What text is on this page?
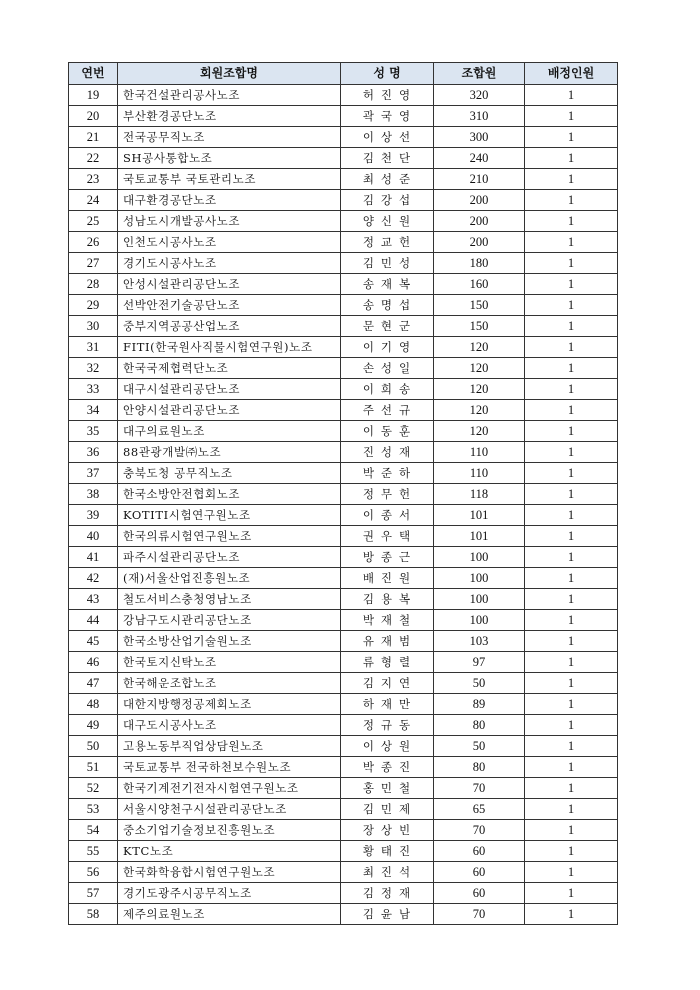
연번	회원조합명	성 명	조합원	배정인원
19	한국건설관리공사노조	허진영	320	1
20	부산환경공단노조	곽국영	310	1
21	전국공무직노조	이상선	300	1
22	SH공사통합노조	김천단	240	1
23	국토교통부 국토관리노조	최성준	210	1
24	대구환경공단노조	김강섭	200	1
25	성남도시개발공사노조	양신원	200	1
26	인천도시공사노조	정교헌	200	1
27	경기도시공사노조	김민성	180	1
28	안성시설관리공단노조	송재복	160	1
29	선박안전기술공단노조	송명섭	150	1
30	중부지역공공산업노조	문현군	150	1
31	FITI(한국원사직물시험연구원)노조	이기영	120	1
32	한국국제협력단노조	손성일	120	1
33	대구시설관리공단노조	이희송	120	1
34	안양시설관리공단노조	주선규	120	1
35	대구의료원노조	이동훈	120	1
36	88관광개발㈜노조	진성재	110	1
37	충북도청 공무직노조	박준하	110	1
38	한국소방안전협회노조	정무헌	118	1
39	KOTITI시험연구원노조	이종서	101	1
40	한국의류시험연구원노조	권우택	101	1
41	파주시설관리공단노조	방종근	100	1
42	(재)서울산업진흥원노조	배진원	100	1
43	철도서비스충청영남노조	김용복	100	1
44	강남구도시관리공단노조	박재철	100	1
45	한국소방산업기술원노조	유재범	103	1
46	한국토지신탁노조	류형렬	97	1
47	한국해운조합노조	김지연	50	1
48	대한지방행정공제회노조	하재만	89	1
49	대구도시공사노조	정규동	80	1
50	고용노동부직업상담원노조	이상원	50	1
51	국토교통부 전국하천보수원노조	박종진	80	1
52	한국기계전기전자시험연구원노조	홍민철	70	1
53	서울시양천구시설관리공단노조	김민제	65	1
54	중소기업기술정보진흥원노조	장상빈	70	1
55	KTC노조	황태진	60	1
56	한국화학융합시험연구원노조	최진석	60	1
57	경기도광주시공무직노조	김정재	60	1
58	제주의료원노조	김윤남	70	1
